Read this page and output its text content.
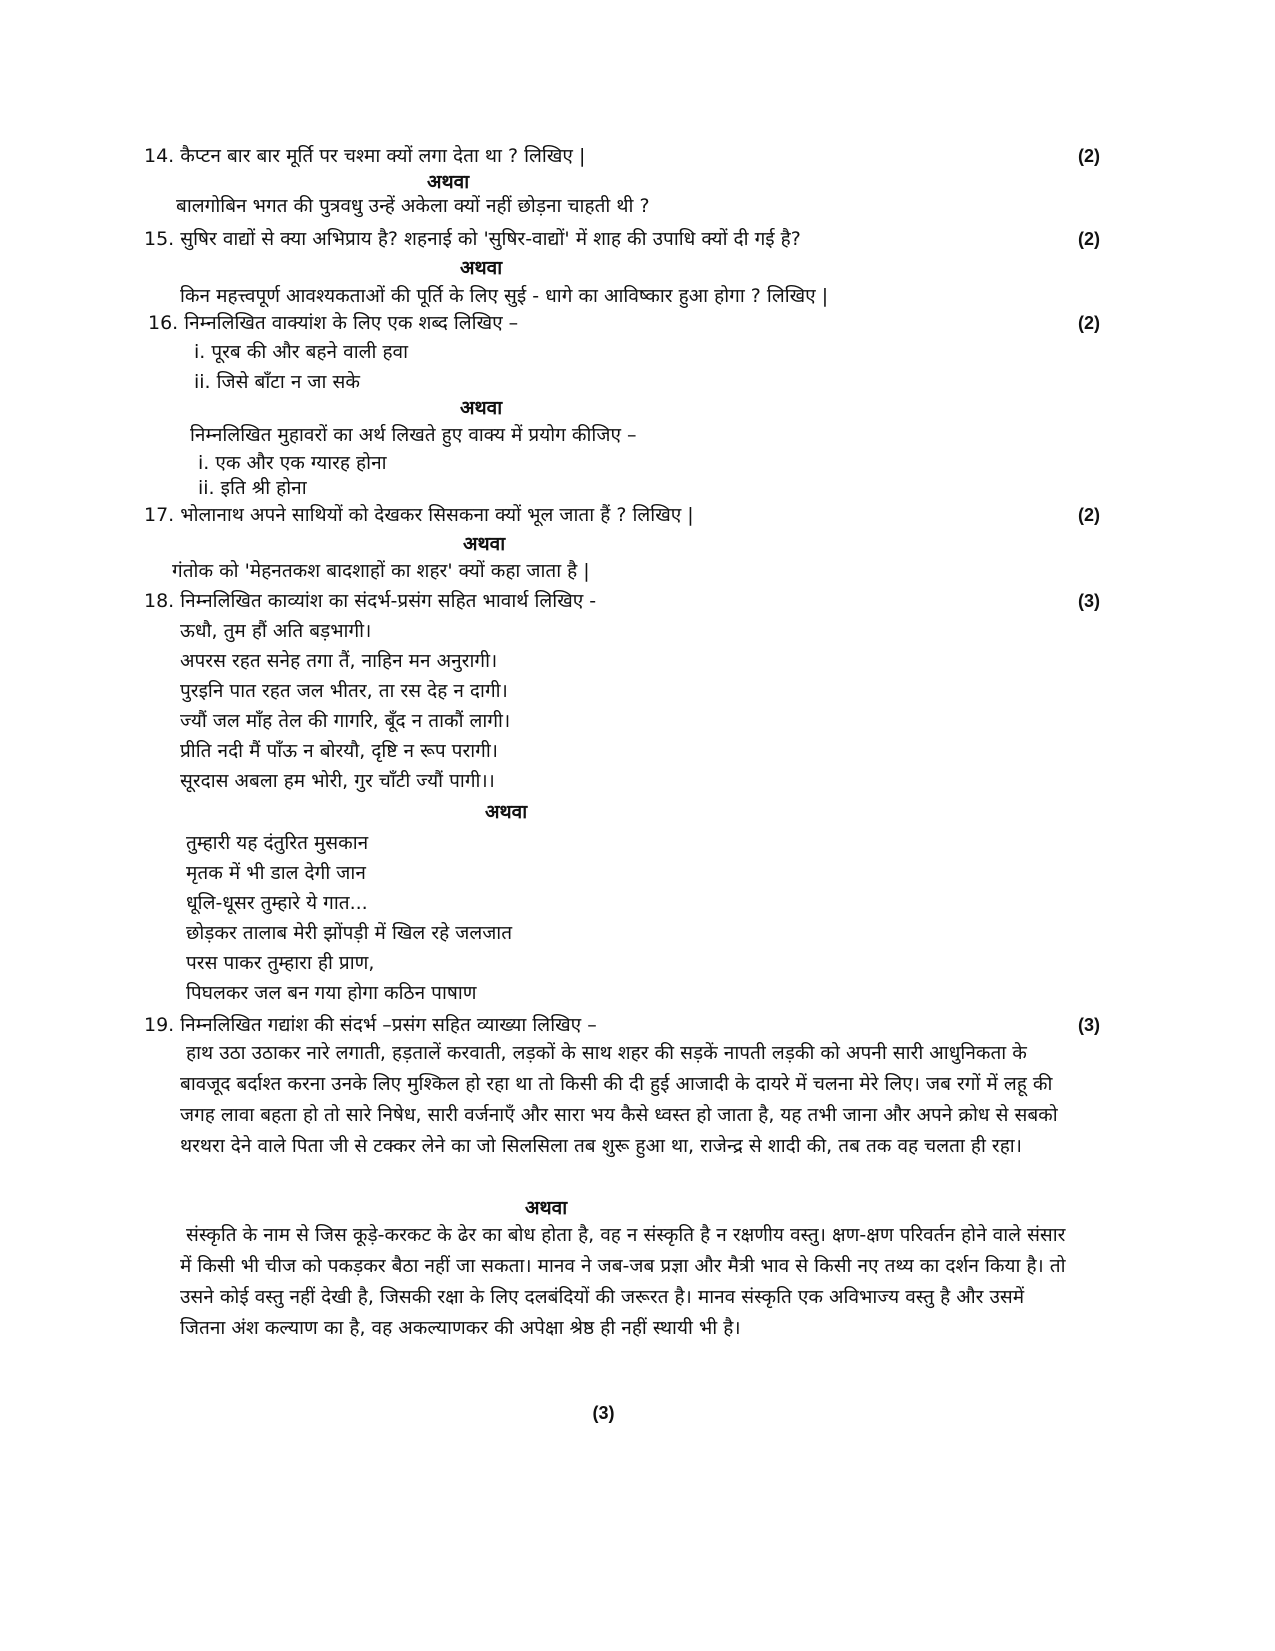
14. कैप्टन बार बार मूर्ति पर चश्मा क्यों लगा देता था ? लिखिए |	(2)
अथवा
बालगोबिन भगत की पुत्रवधु उन्हें अकेला क्यों नहीं छोड़ना चाहती थी ?
15. सुषिर वाद्यों से क्या अभिप्राय है? शहनाई को 'सुषिर-वाद्यों' में शाह की उपाधि क्यों दी गई है?	(2)
अथवा
किन महत्त्वपूर्ण आवश्यकताओं की पूर्ति के लिए सुई - धागे का आविष्कार हुआ होगा ? लिखिए |
16. निम्नलिखित वाक्यांश के लिए एक शब्द लिखिए –	(2)
i. पूरब की और बहने वाली हवा
ii. जिसे बाँटा न जा सके
अथवा
निम्नलिखित मुहावरों का अर्थ लिखते हुए वाक्य में प्रयोग कीजिए –
i. एक और एक ग्यारह होना
ii. इति श्री होना
17. भोलानाथ अपने साथियों को देखकर सिसकना क्यों भूल जाता हैं ? लिखिए |	(2)
अथवा
गंतोक को 'मेहनतकश बादशाहों का शहर' क्यों कहा जाता है |
18. निम्नलिखित काव्यांश का संदर्भ-प्रसंग सहित भावार्थ लिखिए -	(3)
ऊधौ, तुम हौं अति बड़भागी।
अपरस रहत सनेह तगा तैं, नाहिन मन अनुरागी।
पुरइनि पात रहत जल भीतर, ता रस देह न दागी।
ज्यौं जल माँह तेल की गागरि, बूँद न ताकौं लागी।
प्रीति नदी मैं पाँऊ न बोरयौ, दृष्टि न रूप परागी।
सूरदास अबला हम भोरी, गुर चाँटी ज्यौं पागी।।
अथवा
तुम्हारी यह दंतुरित मुसकान
मृतक में भी डाल देगी जान
धूलि-धूसर तुम्हारे ये गात...
छोड़कर तालाब मेरी झोंपड़ी में खिल रहे जलजात
परस पाकर तुम्हारा ही प्राण,
पिघलकर जल बन गया होगा कठिन पाषाण
19. निम्नलिखित गद्यांश की संदर्भ –प्रसंग सहित व्याख्या लिखिए –	(3)
हाथ उठा उठाकर नारे लगाती, हड़तालें करवाती, लड़कों के साथ शहर की सड़कें नापती लड़की को अपनी सारी आधुनिकता के बावजूद बर्दाश्त करना उनके लिए मुश्किल हो रहा था तो किसी की दी हुई आजादी के दायरे में चलना मेरे लिए। जब रगों में लहू की जगह लावा बहता हो तो सारे निषेध, सारी वर्जनाएँ और सारा भय कैसे ध्वस्त हो जाता है, यह तभी जाना और अपने क्रोध से सबको थरथरा देने वाले पिता जी से टक्कर लेने का जो सिलसिला तब शुरू हुआ था, राजेन्द्र से शादी की, तब तक वह चलता ही रहा।
अथवा
संस्कृति के नाम से जिस कूड़े-करकट के ढेर का बोध होता है, वह न संस्कृति है न रक्षणीय वस्तु। क्षण-क्षण परिवर्तन होने वाले संसार में किसी भी चीज को पकड़कर बैठा नहीं जा सकता। मानव ने जब-जब प्रज्ञा और मैत्री भाव से किसी नए तथ्य का दर्शन किया है। तो उसने कोई वस्तु नहीं देखी है, जिसकी रक्षा के लिए दलबंदियों की जरूरत है। मानव संस्कृति एक अविभाज्य वस्तु है और उसमें जितना अंश कल्याण का है, वह अकल्याणकर की अपेक्षा श्रेष्ठ ही नहीं स्थायी भी है।
(3)
